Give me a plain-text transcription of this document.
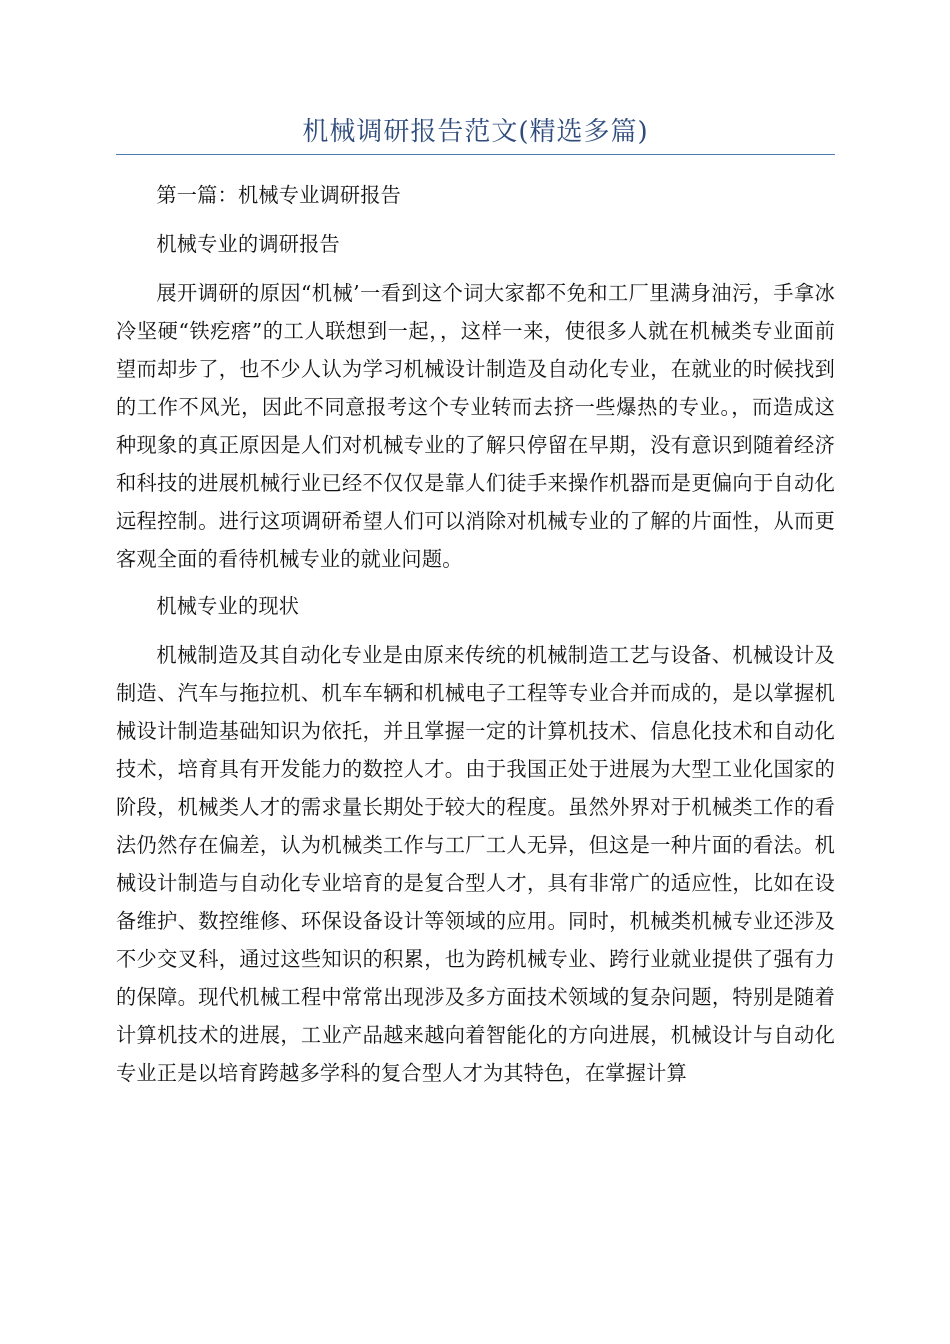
机械调研报告范文(精选多篇)

第一篇：机械专业调研报告

机械专业的调研报告

展开调研的原因“机械’一看到这个词大家都不免和工厂里满身油污，手拿冰冷坚硬“铁疙瘩”的工人联想到一起，，这样一来，使很多人就在机械类专业面前望而却步了，也不少人认为学习机械设计制造及自动化专业，在就业的时候找到的工作不风光，因此不同意报考这个专业转而去挤一些爆热的专业。，而造成这种现象的真正原因是人们对机械专业的了解只停留在早期，没有意识到随着经济和科技的进展机械行业已经不仅仅是靠人们徒手来操作机器而是更偏向于自动化远程控制。进行这项调研希望人们可以消除对机械专业的了解的片面性，从而更客观全面的看待机械专业的就业问题。

机械专业的现状

机械制造及其自动化专业是由原来传统的机械制造工艺与设备、机械设计及制造、汽车与拖拉机、机车车辆和机械电子工程等专业合并而成的，是以掌握机械设计制造基础知识为依托，并且掌握一定的计算机技术、信息化技术和自动化技术，培育具有开发能力的数控人才。由于我国正处于进展为大型工业化国家的阶段，机械类人才的需求量长期处于较大的程度。虽然外界对于机械类工作的看法仍然存在偏差，认为机械类工作与工厂工人无异，但这是一种片面的看法。机械设计制造与自动化专业培育的是复合型人才，具有非常广的适应性，比如在设备维护、数控维修、环保设备设计等领域的应用。同时，机械类机械专业还涉及不少交叉科，通过这些知识的积累，也为跨机械专业、跨行业就业提供了强有力的保障。现代机械工程中常常出现涉及多方面技术领域的复杂问题，特别是随着计算机技术的进展，工业产品越来越向着智能化的方向进展，机械设计与自动化专业正是以培育跨越多学科的复合型人才为其特色，在掌握计算
